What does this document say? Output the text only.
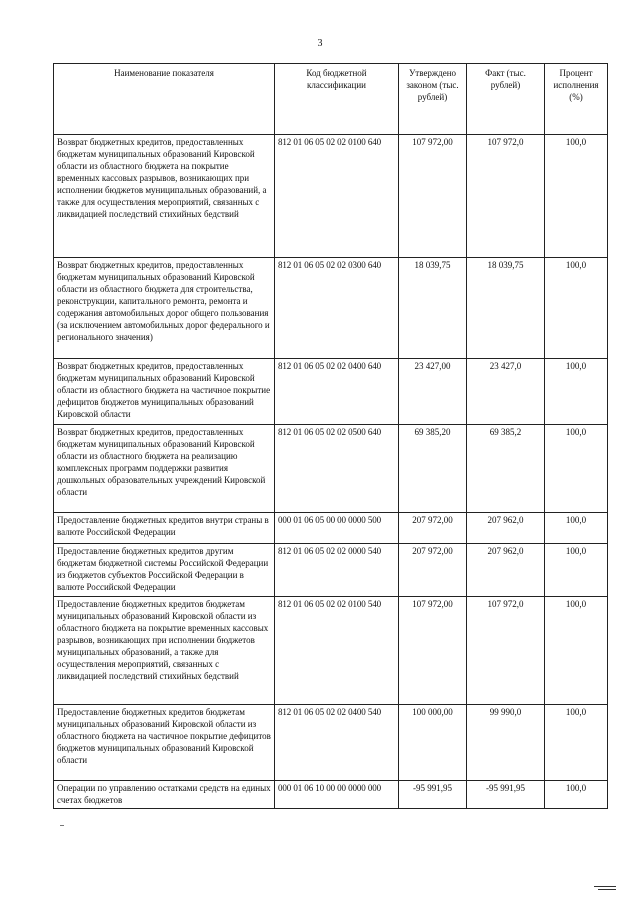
3
Наименование показателя	Код бюджетной классификации	Утверждено законом (тыс. рублей)	Факт (тыс. рублей)	Процент исполнения (%)
Возврат бюджетных кредитов, предоставленных бюджетам муниципальных образований Кировской области из областного бюджета на покрытие временных кассовых разрывов, возникающих при исполнении бюджетов муниципальных образований, а также для осуществления мероприятий, связанных с ликвидацией последствий стихийных бедствий	812 01 06 05 02 02 0100 640	107 972,00	107 972,0	100,0
Возврат бюджетных кредитов, предоставленных бюджетам муниципальных образований Кировской области из областного бюджета для строительства, реконструкции, капитального ремонта, ремонта и содержания автомобильных дорог общего пользования (за исключением автомобильных дорог федерального и регионального значения)	812 01 06 05 02 02 0300 640	18 039,75	18 039,75	100,0
Возврат бюджетных кредитов, предоставленных бюджетам муниципальных образований Кировской области из областного бюджета на частичное покрытие дефицитов бюджетов муниципальных образований Кировской области	812 01 06 05 02 02 0400 640	23 427,00	23 427,0	100,0
Возврат бюджетных кредитов, предоставленных бюджетам муниципальных образований Кировской области из областного бюджета на реализацию комплексных программ поддержки развития дошкольных образовательных учреждений Кировской области	812 01 06 05 02 02 0500 640	69 385,20	69 385,2	100,0
Предоставление бюджетных кредитов внутри страны в валюте Российской Федерации	000 01 06 05 00 00 0000 500	207 972,00	207 962,0	100,0
Предоставление бюджетных кредитов другим бюджетам бюджетной системы Российской Федерации из бюджетов субъектов Российской Федерации в валюте Российской Федерации	812 01 06 05 02 02 0000 540	207 972,00	207 962,0	100,0
Предоставление бюджетных кредитов бюджетам муниципальных образований Кировской области из областного бюджета на покрытие временных кассовых разрывов, возникающих при исполнении бюджетов муниципальных образований, а также для осуществления мероприятий, связанных с ликвидацией последствий стихийных бедствий	812 01 06 05 02 02 0100 540	107 972,00	107 972,0	100,0
Предоставление бюджетных кредитов бюджетам муниципальных образований Кировской области из областного бюджета на частичное покрытие дефицитов бюджетов муниципальных образований Кировской области	812 01 06 05 02 02 0400 540	100 000,00	99 990,0	100,0
Операции по управлению остатками средств на единых счетах бюджетов	000 01 06 10 00 00 0000 000	-95 991,95	-95 991,95	100,0
